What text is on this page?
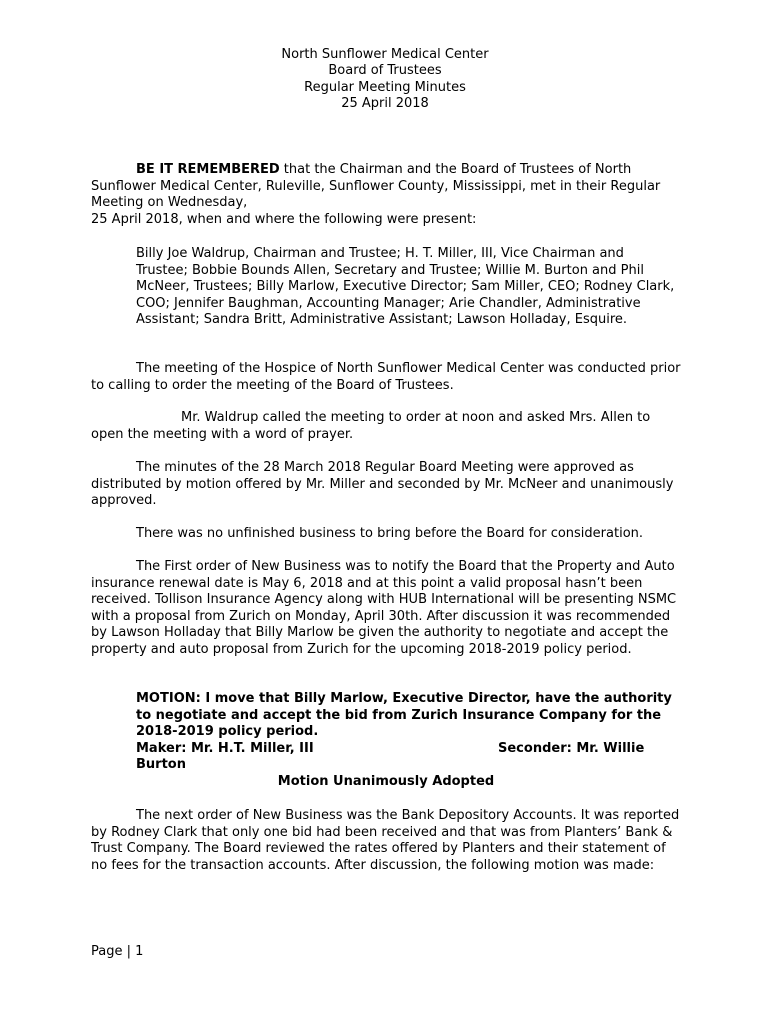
North Sunflower Medical Center
Board of Trustees
Regular Meeting Minutes
25 April 2018
BE IT REMEMBERED that the Chairman and the Board of Trustees of North Sunflower Medical Center, Ruleville, Sunflower County, Mississippi, met in their Regular Meeting on Wednesday,
25 April 2018, when and where the following were present:

Billy Joe Waldrup, Chairman and Trustee; H. T. Miller, III, Vice Chairman and Trustee; Bobbie Bounds Allen, Secretary and Trustee; Willie M. Burton and Phil McNeer, Trustees; Billy Marlow, Executive Director; Sam Miller, CEO; Rodney Clark, COO; Jennifer Baughman, Accounting Manager; Arie Chandler, Administrative Assistant; Sandra Britt, Administrative Assistant; Lawson Holladay, Esquire.

The meeting of the Hospice of North Sunflower Medical Center was conducted prior to calling to order the meeting of the Board of Trustees.

Mr. Waldrup called the meeting to order at noon and asked Mrs. Allen to open the meeting with a word of prayer.

The minutes of the 28 March 2018 Regular Board Meeting were approved as distributed by motion offered by Mr. Miller and seconded by Mr. McNeer and unanimously approved.

There was no unfinished business to bring before the Board for consideration.

The First order of New Business was to notify the Board that the Property and Auto insurance renewal date is May 6, 2018 and at this point a valid proposal hasn’t been received. Tollison Insurance Agency along with HUB International will be presenting NSMC with a proposal from Zurich on Monday, April 30th. After discussion it was recommended by Lawson Holladay that Billy Marlow be given the authority to negotiate and accept the property and auto proposal from Zurich for the upcoming 2018-2019 policy period.

MOTION: I move that Billy Marlow, Executive Director, have the authority to negotiate and accept the bid from Zurich Insurance Company for the 2018-2019 policy period.
Maker: Mr. H.T. Miller, III	Seconder: Mr. Willie
Burton
Motion Unanimously Adopted

The next order of New Business was the Bank Depository Accounts. It was reported by Rodney Clark that only one bid had been received and that was from Planters’ Bank & Trust Company. The Board reviewed the rates offered by Planters and their statement of no fees for the transaction accounts. After discussion, the following motion was made:

Page | 1
